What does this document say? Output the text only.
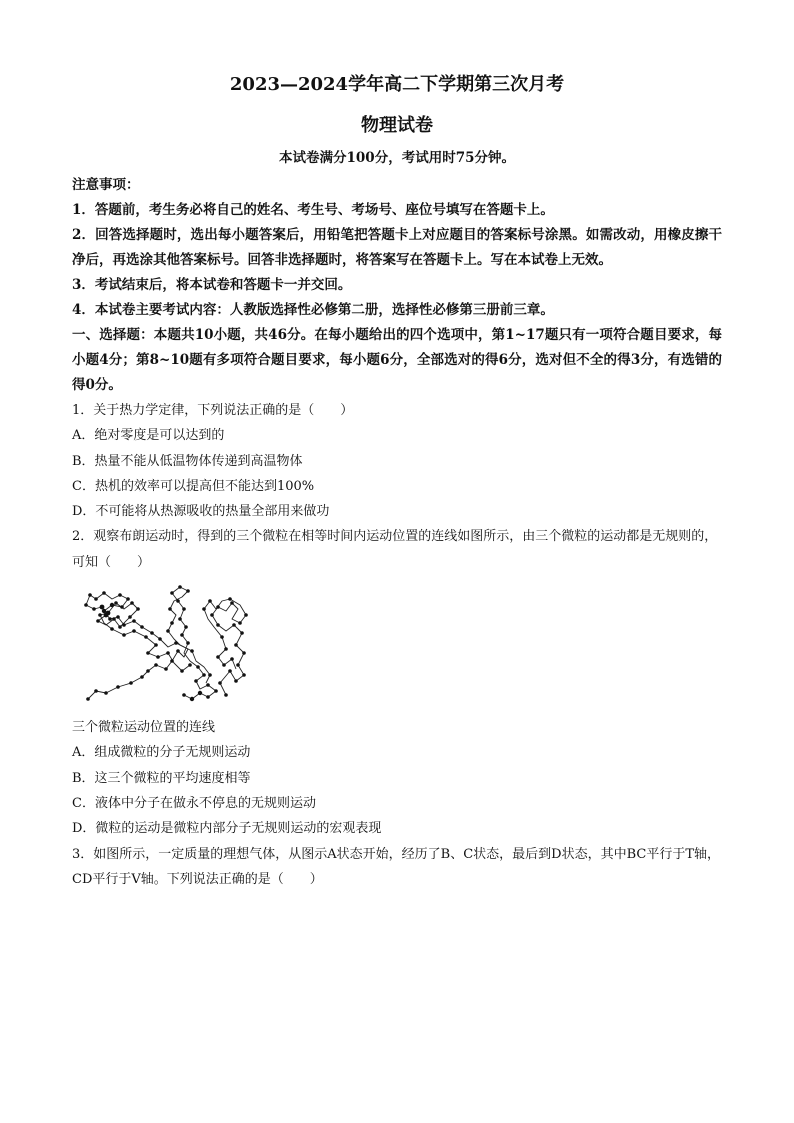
2023—2024学年高二下学期第三次月考
物理试卷
本试卷满分100分，考试用时75分钟。

注意事项：

1．答题前，考生务必将自己的姓名、考生号、考场号、座位号填写在答题卡上。

2．回答选择题时，选出每小题答案后，用铅笔把答题卡上对应题目的答案标号涂黑。如需改动，用橡皮擦干净后，再选涂其他答案标号。回答非选择题时，将答案写在答题卡上。写在本试卷上无效。

3．考试结束后，将本试卷和答题卡一并交回。

4．本试卷主要考试内容：人教版选择性必修第二册，选择性必修第三册前三章。

一、选择题：本题共10小题，共46分。在每小题给出的四个选项中，第1~17题只有一项符合题目要求，每小题4分；第8~10题有多项符合题目要求，每小题6分，全部选对的得6分，选对但不全的得3分，有选错的得0分。

1．关于热力学定律，下列说法正确的是（　　）

A．绝对零度是可以达到的

B．热量不能从低温物体传递到高温物体

C．热机的效率可以提高但不能达到100%

D．不可能将从热源吸收的热量全部用来做功

2．观察布朗运动时，得到的三个微粒在相等时间内运动位置的连线如图所示，由三个微粒的运动都是无规则的，可知（　　）

三个微粒运动位置的连线

A．组成微粒的分子无规则运动

B．这三个微粒的平均速度相等

C．液体中分子在做永不停息的无规则运动

D．微粒的运动是微粒内部分子无规则运动的宏观表现

3．如图所示，一定质量的理想气体，从图示A状态开始，经历了B、C状态，最后到D状态，其中BC平行于T轴，CD平行于V轴。下列说法正确的是（　　）
